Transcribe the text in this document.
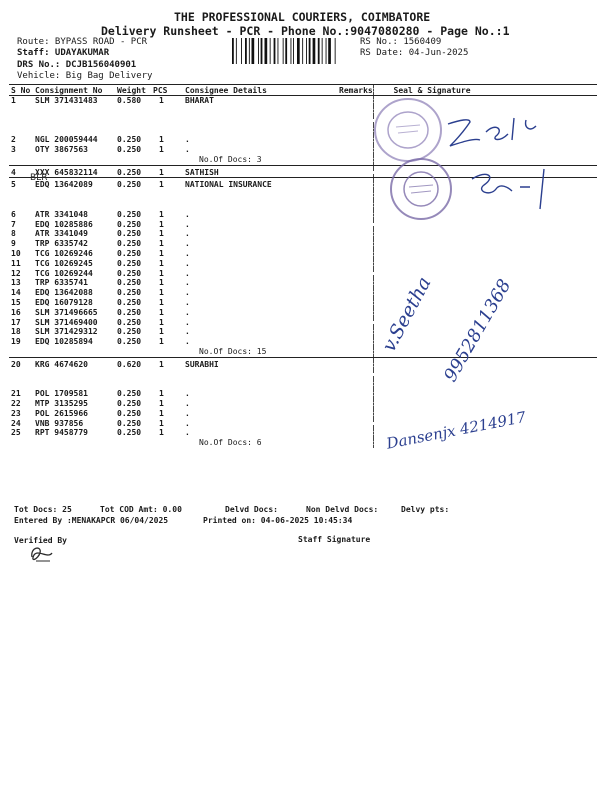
THE PROFESSIONAL COURIERS, COIMBATORE
Delivery Runsheet - PCR - Phone No.:9047080280 - Page No.:1
Route: BYPASS ROAD - PCR
Staff: UDAYAKUMAR
DRS No.: DCJB156040901
Vehicle: Big Bag Delivery
RS No.: 1560409
RS Date: 04-Jun-2025
S No	Consignment No	Weight	PCS	Consignee Details	Remarks	Seal & Signature
1	SLM 371431483	0.580	1	BHARAT		

2	NGL 200059444	0.250	1	.		
3	OTY 3867563	0.250	1	.		
				No.Of Docs: 3		

4	XXX 645832114	0.250	1	SATHISH		

5	EDQ 13642089	0.250	1	NATIONAL INSURANCE		

6	ATR 3341048	0.250	1	.		
7	EDQ 10285886	0.250	1	.		
8	ATR 3341049	0.250	1	.		
9	TRP 6335742	0.250	1	.		
10	TCG 10269246	0.250	1	.		
11	TCG 10269245	0.250	1	.		
12	TCG 10269244	0.250	1	.		
13	TRP 6335741	0.250	1	.		
14	EDQ 13642088	0.250	1	.		
15	EDQ 16079128	0.250	1	.		
16	SLM 371496665	0.250	1	.		
17	SLM 371469400	0.250	1	.		
18	SLM 371429312	0.250	1	.		
19	EDQ 10285894	0.250	1	.		
				No.Of Docs: 15		

20	KRG 4674620	0.620	1	SURABHI		

21	POL 1709581	0.250	1	.		
22	MTP 3135295	0.250	1	.		
23	POL 2615966	0.250	1	.		
24	VNB 937856	0.250	1	.		
25	RPT 9458779	0.250	1	.		
				No.Of Docs: 6		
Tot Docs: 25	Tot COD Amt: 0.00	Delvd Docs:	Non Delvd Docs:	Delvy pts:
Entered By :MENAKAPCR 06/04/2025	Printed on: 04-06-2025 10:45:34
Verified By	Staff Signature
BLR
v.Seetha 9952811368
Dansenjx 4214917
